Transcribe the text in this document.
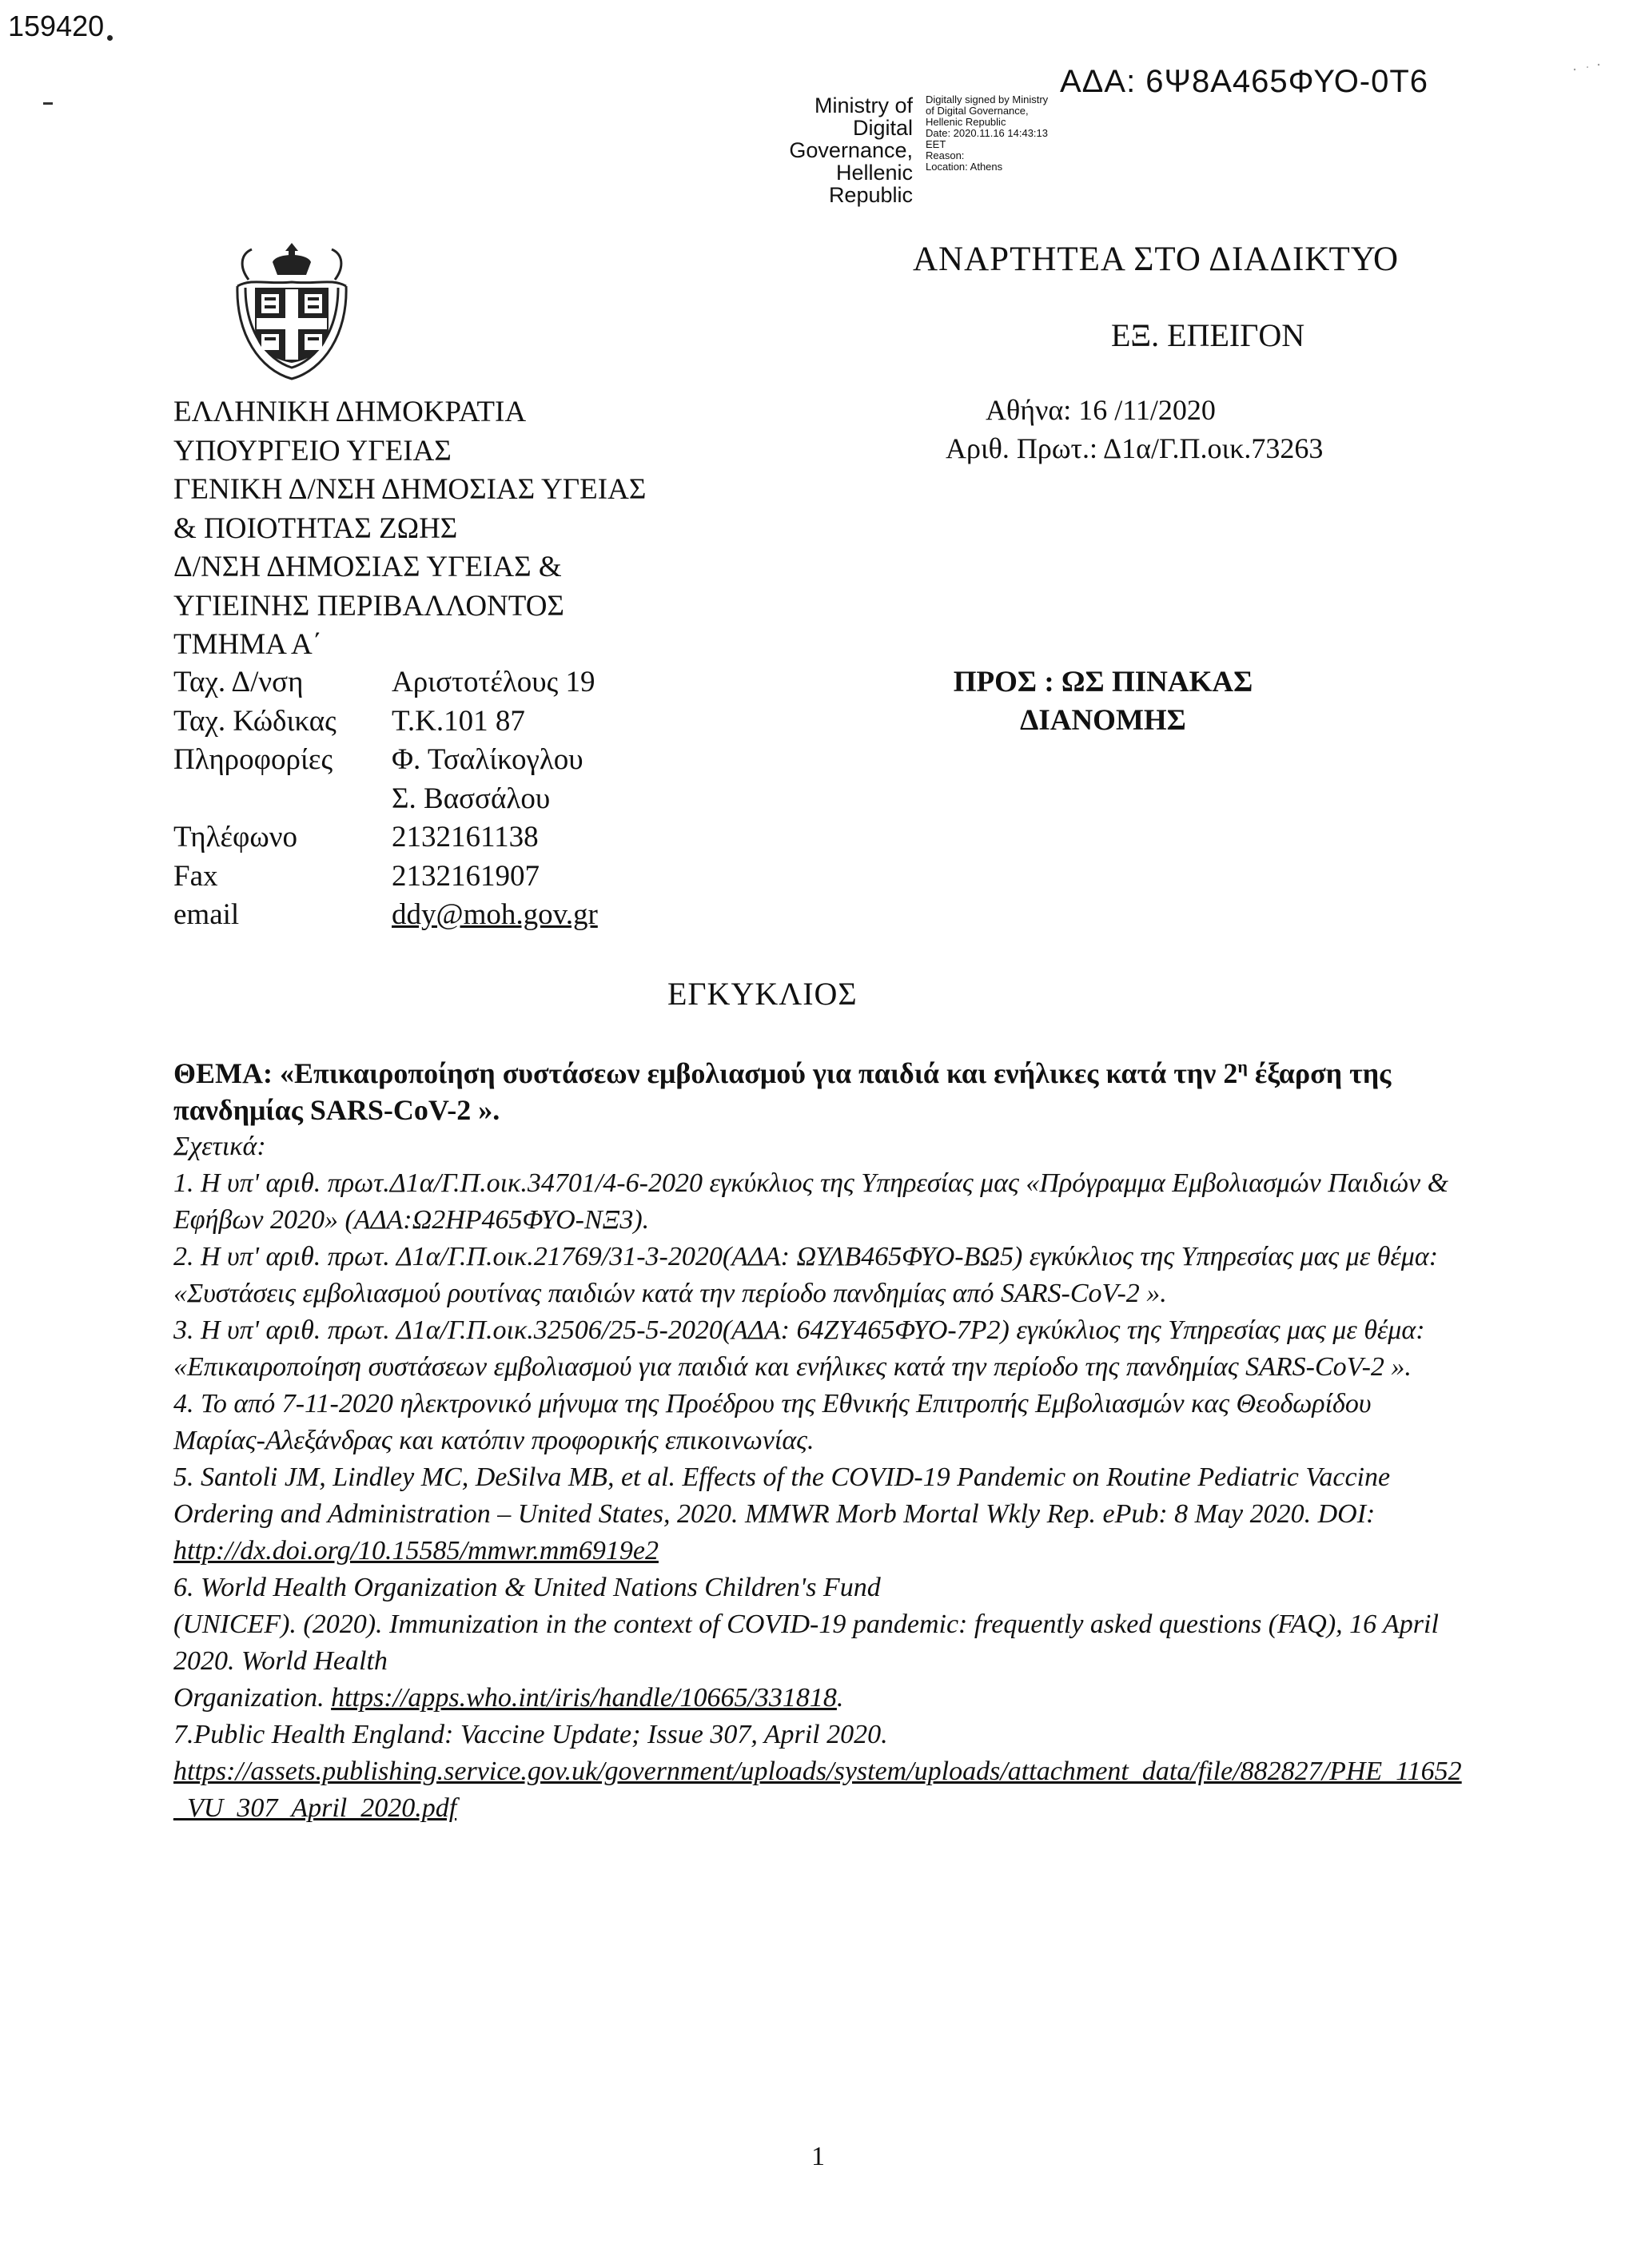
159420
ΑΔΑ: 6Ψ8Α465ΦΥΟ-0Τ6
Ministry of Digital
Governance,
Hellenic Republic
Digitally signed by Ministry
of Digital Governance,
Hellenic Republic
Date: 2020.11.16 14:43:13
EET
Reason:
Location: Athens
ΑΝΑΡΤΗΤΕΑ ΣΤΟ ΔΙΑΔΙΚΤΥΟ
ΕΞ. ΕΠΕΙΓΟΝ
Αθήνα: 16 /11/2020
Αριθ. Πρωτ.: Δ1α/Γ.Π.οικ.73263
ΕΛΛΗΝΙΚΗ ΔΗΜΟΚΡΑΤΙΑ
ΥΠΟΥΡΓΕΙΟ ΥΓΕΙΑΣ
ΓΕΝΙΚΗ Δ/ΝΣΗ ΔΗΜΟΣΙΑΣ ΥΓΕΙΑΣ
& ΠΟΙΟΤΗΤΑΣ ΖΩΗΣ
Δ/ΝΣΗ ΔΗΜΟΣΙΑΣ ΥΓΕΙΑΣ &
ΥΓΙΕΙΝΗΣ ΠΕΡΙΒΑΛΛΟΝΤΟΣ
ΤΜΗΜΑ Α΄
Ταχ. Δ/νση	Αριστοτέλους 19
Ταχ. Κώδικας	Τ.Κ.101 87
Πληροφορίες	Φ. Τσαλίκογλου
Σ. Βασσάλου
Τηλέφωνο	2132161138
Fax	2132161907
email	ddy@moh.gov.gr
ΠΡΟΣ : ΩΣ ΠΙΝΑΚΑΣ
ΔΙΑΝΟΜΗΣ
ΕΓΚΥΚΛΙΟΣ
ΘΕΜΑ: «Επικαιροποίηση συστάσεων εμβολιασμού για παιδιά και ενήλικες κατά την $2^\eta$ έξαρση της πανδημίας SARS-CoV-2 ».
Σχετικά:

1. Η υπ' αριθ. πρωτ.Δ1α/Γ.Π.οικ.34701/4-6-2020 εγκύκλιος της Υπηρεσίας μας «Πρόγραμμα Εμβολιασμών Παιδιών & Εφήβων 2020» (ΑΔΑ:Ω2ΗΡ465ΦΥΟ-ΝΞ3).

2. Η υπ' αριθ. πρωτ. Δ1α/Γ.Π.οικ.21769/31-3-2020(ΑΔΑ: ΩΥΛΒ465ΦΥΟ-ΒΩ5) εγκύκλιος της Υπηρεσίας μας με θέμα: «Συστάσεις εμβολιασμού ρουτίνας παιδιών κατά την περίοδο πανδημίας από SARS-CoV-2 ».

3. Η υπ' αριθ. πρωτ. Δ1α/Γ.Π.οικ.32506/25-5-2020(ΑΔΑ: 64ΖΥ465ΦΥΟ-7Ρ2) εγκύκλιος της Υπηρεσίας μας με θέμα: «Επικαιροποίηση συστάσεων εμβολιασμού για παιδιά και ενήλικες κατά την περίοδο της πανδημίας SARS-CoV-2 ».

4. Το από 7-11-2020 ηλεκτρονικό μήνυμα της Προέδρου της Εθνικής Επιτροπής Εμβολιασμών κας Θεοδωρίδου Μαρίας-Αλεξάνδρας και κατόπιν προφορικής επικοινωνίας.

5. Santoli JM, Lindley MC, DeSilva MB, et al. Effects of the COVID-19 Pandemic on Routine Pediatric Vaccine Ordering and Administration – United States, 2020. MMWR Morb Mortal Wkly Rep. ePub: 8 May 2020. DOI: http://dx.doi.org/10.15585/mmwr.mm6919e2

6. World Health Organization & United Nations Children's Fund
(UNICEF). (2020). Immunization in the context of COVID-19 pandemic: frequently asked questions (FAQ), 16 April 2020. World Health
Organization. https://apps.who.int/iris/handle/10665/331818.

7.Public Health England: Vaccine Update; Issue 307, April 2020.
https://assets.publishing.service.gov.uk/government/uploads/system/uploads/attachment_data/file/882827/PHE_11652_VU_307_April_2020.pdf

1
